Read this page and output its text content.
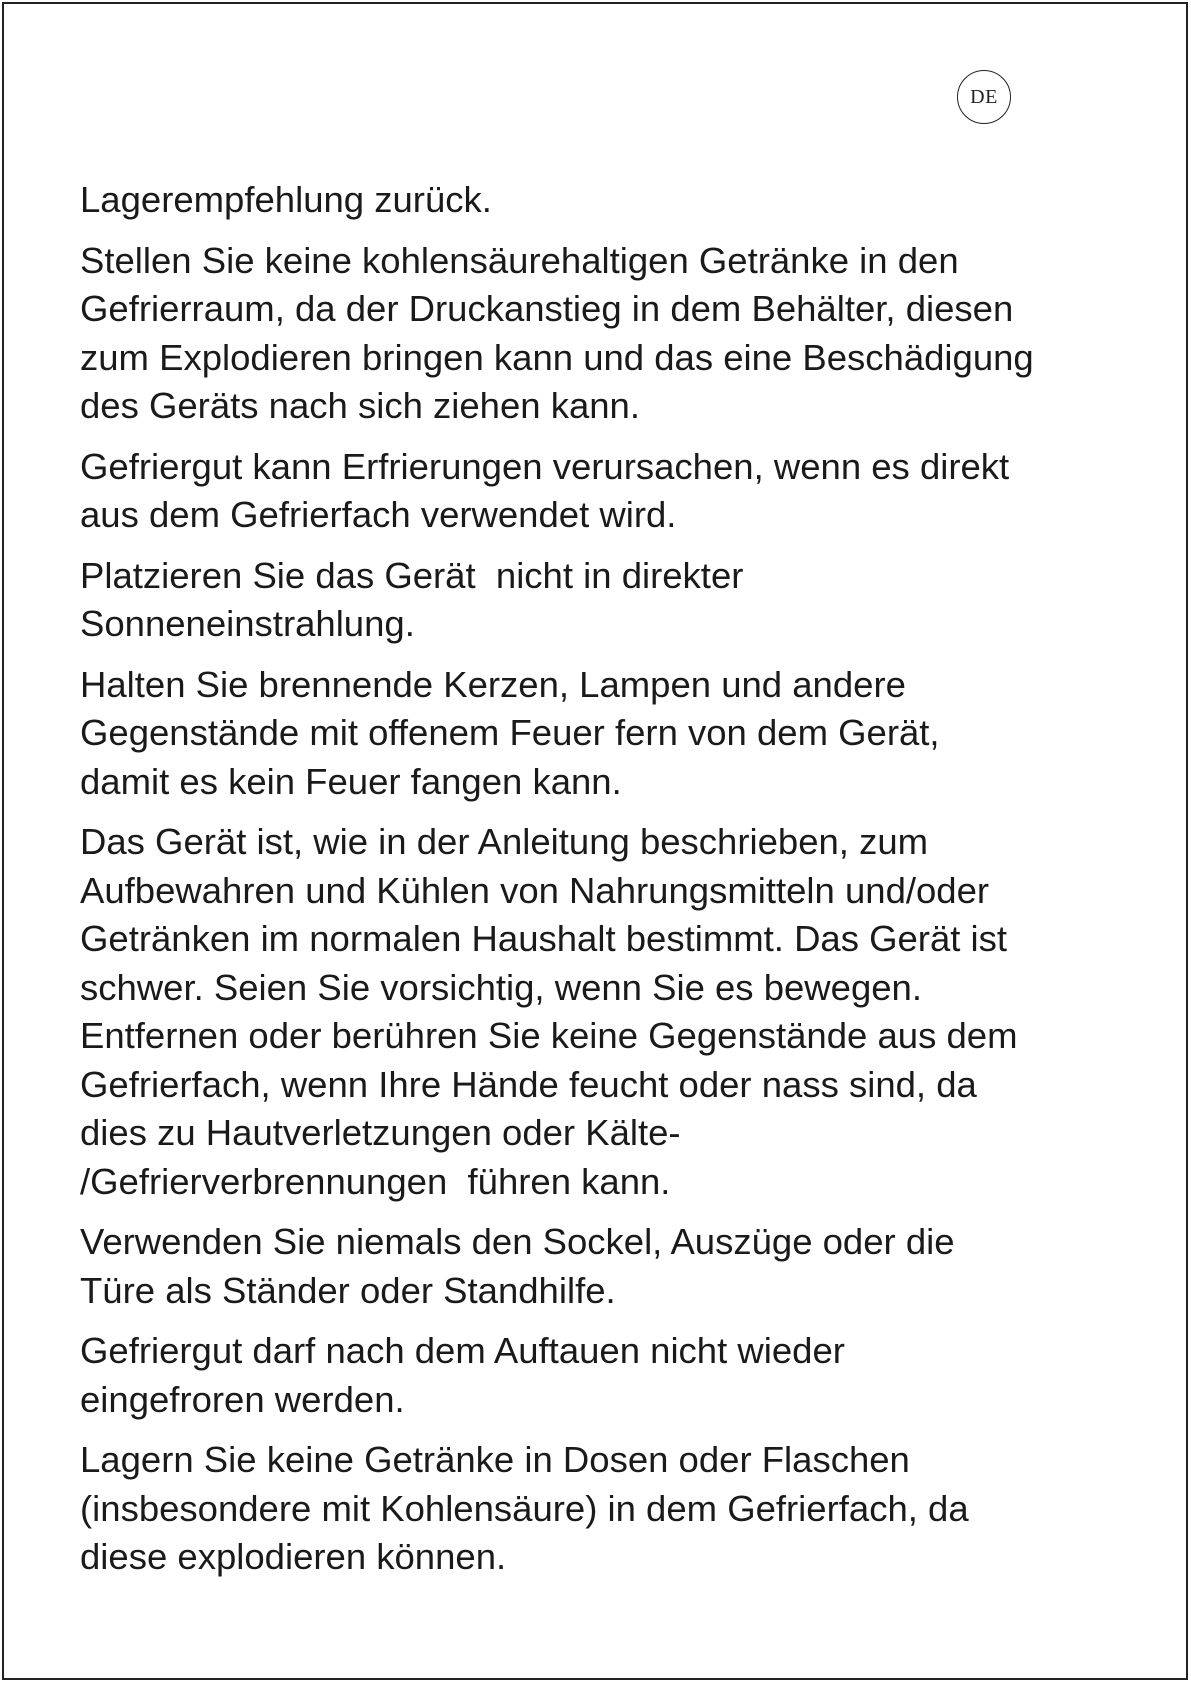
DE

Lagerempfehlung zurück.

Stellen Sie keine kohlensäurehaltigen Getränke in den
Gefrierraum, da der Druckanstieg in dem Behälter, diesen
zum Explodieren bringen kann und das eine Beschädigung
des Geräts nach sich ziehen kann.

Gefriergut kann Erfrierungen verursachen, wenn es direkt
aus dem Gefrierfach verwendet wird.

Platzieren Sie das Gerät  nicht in direkter
Sonneneinstrahlung.

Halten Sie brennende Kerzen, Lampen und andere
Gegenstände mit offenem Feuer fern von dem Gerät,
damit es kein Feuer fangen kann.

Das Gerät ist, wie in der Anleitung beschrieben, zum
Aufbewahren und Kühlen von Nahrungsmitteln und/oder
Getränken im normalen Haushalt bestimmt. Das Gerät ist
schwer. Seien Sie vorsichtig, wenn Sie es bewegen.
Entfernen oder berühren Sie keine Gegenstände aus dem
Gefrierfach, wenn Ihre Hände feucht oder nass sind, da
dies zu Hautverletzungen oder Kälte-
/Gefrierverbrennungen  führen kann.

Verwenden Sie niemals den Sockel, Auszüge oder die
Türe als Ständer oder Standhilfe.

Gefriergut darf nach dem Auftauen nicht wieder
eingefroren werden.

Lagern Sie keine Getränke in Dosen oder Flaschen
(insbesondere mit Kohlensäure) in dem Gefrierfach, da
diese explodieren können.
